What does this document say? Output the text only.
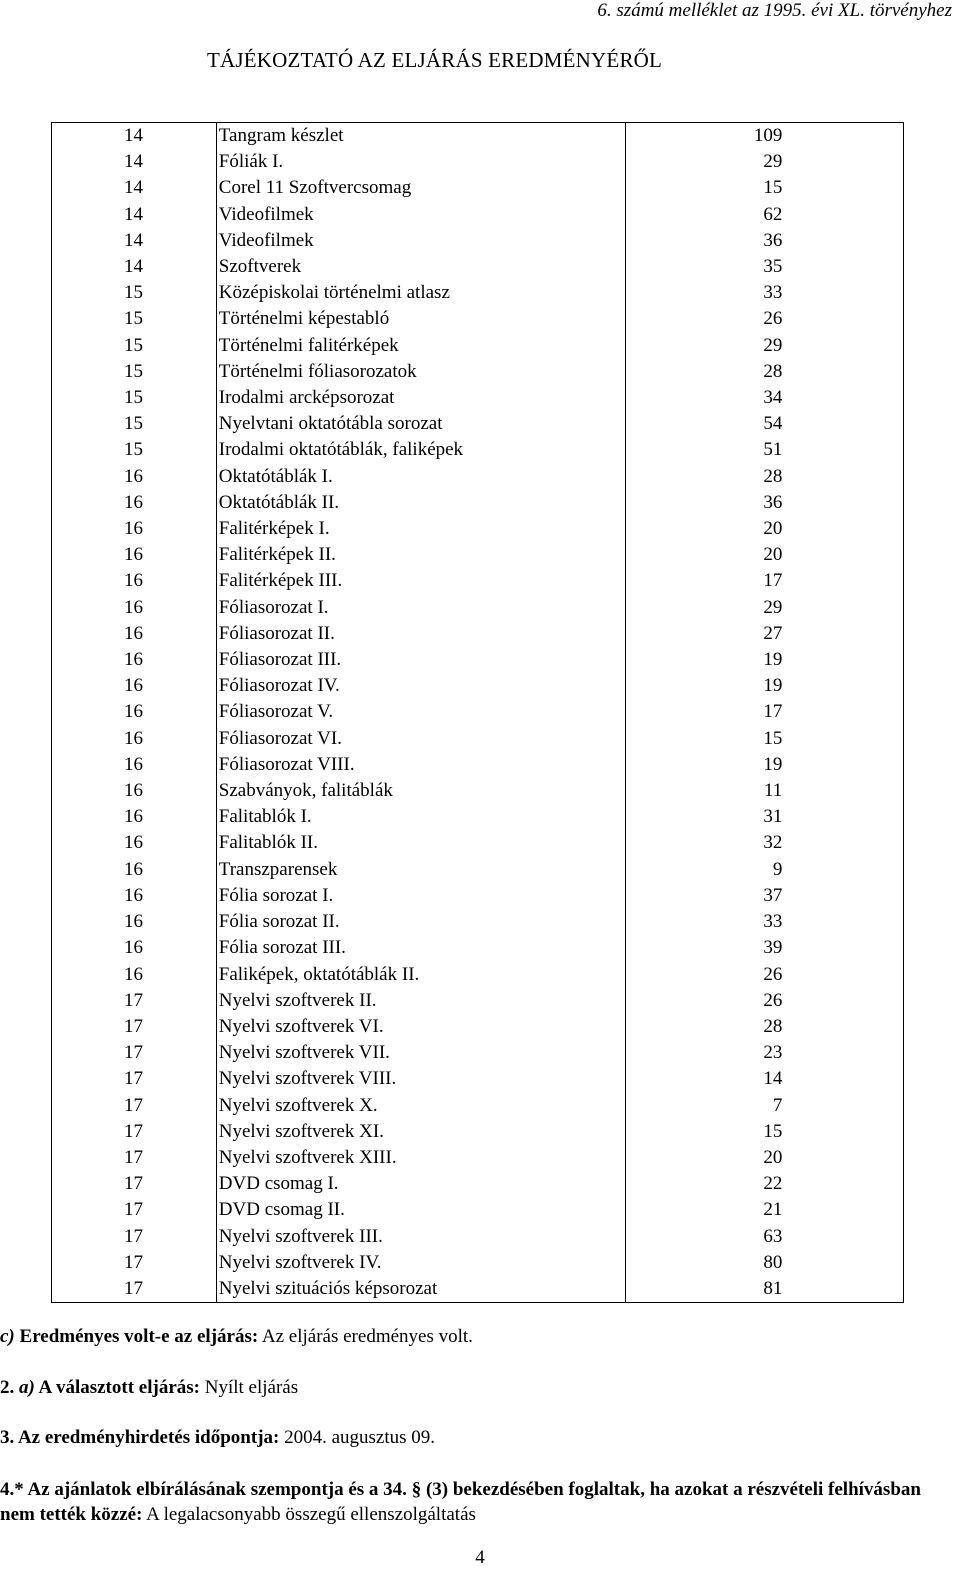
6. számú melléklet az 1995. évi XL. törvényhez
TÁJÉKOZTATÓ AZ ELJÁRÁS EREDMÉNYÉRŐL
14	Tangram készlet	109
14	Fóliák I.	29
14	Corel 11 Szoftvercsomag	15
14	Videofilmek	62
14	Videofilmek	36
14	Szoftverek	35
15	Középiskolai történelmi atlasz	33
15	Történelmi képestabló	26
15	Történelmi falitérképek	29
15	Történelmi fóliasorozatok	28
15	Irodalmi arcképsorozat	34
15	Nyelvtani oktatótábla sorozat	54
15	Irodalmi oktatótáblák, faliképek	51
16	Oktatótáblák I.	28
16	Oktatótáblák II.	36
16	Falitérképek I.	20
16	Falitérképek II.	20
16	Falitérképek III.	17
16	Fóliasorozat I.	29
16	Fóliasorozat II.	27
16	Fóliasorozat III.	19
16	Fóliasorozat IV.	19
16	Fóliasorozat V.	17
16	Fóliasorozat VI.	15
16	Fóliasorozat VIII.	19
16	Szabványok, falitáblák	11
16	Falitablók I.	31
16	Falitablók II.	32
16	Transzparensek	9
16	Fólia sorozat I.	37
16	Fólia sorozat II.	33
16	Fólia sorozat III.	39
16	Faliképek, oktatótáblák II.	26
17	Nyelvi szoftverek II.	26
17	Nyelvi szoftverek VI.	28
17	Nyelvi szoftverek VII.	23
17	Nyelvi szoftverek VIII.	14
17	Nyelvi szoftverek X.	7
17	Nyelvi szoftverek XI.	15
17	Nyelvi szoftverek XIII.	20
17	DVD csomag I.	22
17	DVD csomag II.	21
17	Nyelvi szoftverek III.	63
17	Nyelvi szoftverek IV.	80
17	Nyelvi szituációs képsorozat	81
c) Eredményes volt-e az eljárás: Az eljárás eredményes volt.
2. a) A választott eljárás: Nyílt eljárás
3. Az eredményhirdetés időpontja: 2004. augusztus 09.
4.* Az ajánlatok elbírálásának szempontja és a 34. § (3) bekezdésében foglaltak, ha azokat a részvételi felhívásban nem tették közzé: A legalacsonyabb összegű ellenszolgáltatás
4
